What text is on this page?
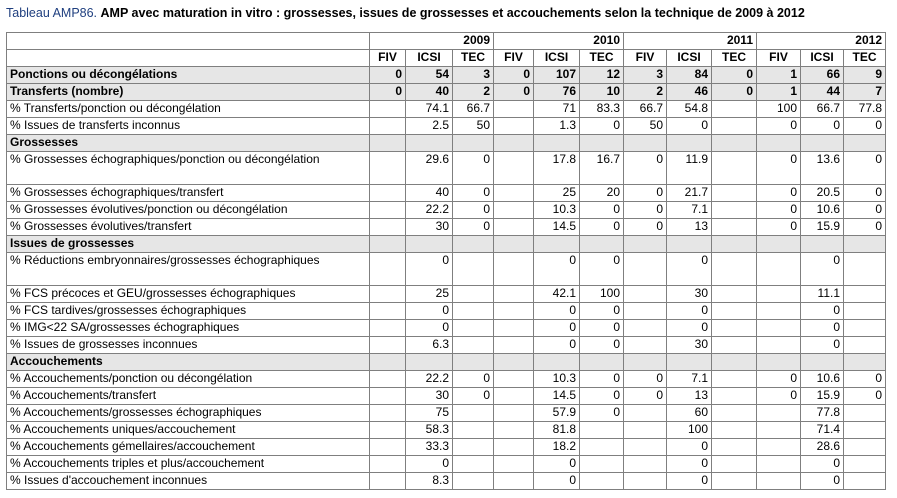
Tableau AMP86. AMP avec maturation in vitro : grossesses, issues de grossesses et accouchements selon la technique de 2009 à 2012
			2009			2010			2011			2012
	FIV	ICSI	TEC	FIV	ICSI	TEC	FIV	ICSI	TEC	FIV	ICSI	TEC
Ponctions ou décongélations	0	54	3	0	107	12	3	84	0	1	66	9
Transferts (nombre)	0	40	2	0	76	10	2	46	0	1	44	7
% Transferts/ponction ou décongélation		74.1	66.7		71	83.3	66.7	54.8		100	66.7	77.8
% Issues de transferts inconnus		2.5	50		1.3	0	50	0		0	0	0
Grossesses												
% Grossesses échographiques/ponction ou décongélation		29.6	0		17.8	16.7	0	11.9		0	13.6	0
% Grossesses échographiques/transfert		40	0		25	20	0	21.7		0	20.5	0
% Grossesses évolutives/ponction ou décongélation		22.2	0		10.3	0	0	7.1		0	10.6	0
% Grossesses évolutives/transfert		30	0		14.5	0	0	13		0	15.9	0
Issues de grossesses												
% Réductions embryonnaires/grossesses échographiques		0			0	0		0			0	
% FCS précoces et GEU/grossesses échographiques		25			42.1	100		30			11.1	
% FCS tardives/grossesses échographiques		0			0	0		0			0	
% IMG<22 SA/grossesses échographiques		0			0	0		0			0	
% Issues de grossesses inconnues		6.3			0	0		30			0	
Accouchements												
% Accouchements/ponction ou décongélation		22.2	0		10.3	0	0	7.1		0	10.6	0
% Accouchements/transfert		30	0		14.5	0	0	13		0	15.9	0
% Accouchements/grossesses échographiques		75			57.9	0		60			77.8	
% Accouchements uniques/accouchement		58.3			81.8			100			71.4	
% Accouchements gémellaires/accouchement		33.3			18.2			0			28.6	
% Accouchements triples et plus/accouchement		0			0			0			0	
% Issues d'accouchement inconnues		8.3			0			0			0	
